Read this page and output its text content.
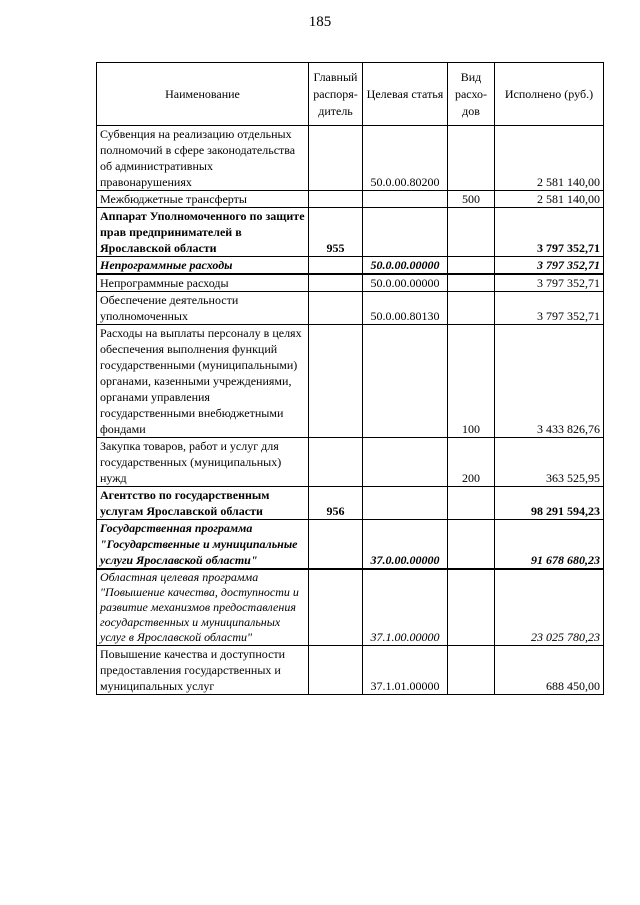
185
Наименование	Главный распоря-дитель	Целевая статья	Вид расхо-дов	Исполнено (руб.)
Субвенция на реализацию отдельных полномочий в сфере законодательства об административных правонарушениях		50.0.00.80200		2 581 140,00
Межбюджетные трансферты			500	2 581 140,00
Аппарат Уполномоченного по защите прав предпринимателей в Ярославской области	955			3 797 352,71
Непрограммные расходы		50.0.00.00000		3 797 352,71
Непрограммные расходы		50.0.00.00000		3 797 352,71
Обеспечение деятельности уполномоченных		50.0.00.80130		3 797 352,71
Расходы на выплаты персоналу в целях обеспечения выполнения функций государственными (муниципальными) органами, казенными учреждениями, органами управления государственными внебюджетными фондами			100	3 433 826,76
Закупка товаров, работ и услуг для государственных (муниципальных) нужд			200	363 525,95
Агентство по государственным услугам Ярославской области	956			98 291 594,23
Государственная программа "Государственные и муниципальные услуги Ярославской области"		37.0.00.00000		91 678 680,23
Областная целевая программа "Повышение качества, доступности и развитие механизмов предоставления государственных и муниципальных услуг в Ярославской области"		37.1.00.00000		23 025 780,23
Повышение качества и доступности предоставления государственных и муниципальных услуг		37.1.01.00000		688 450,00
